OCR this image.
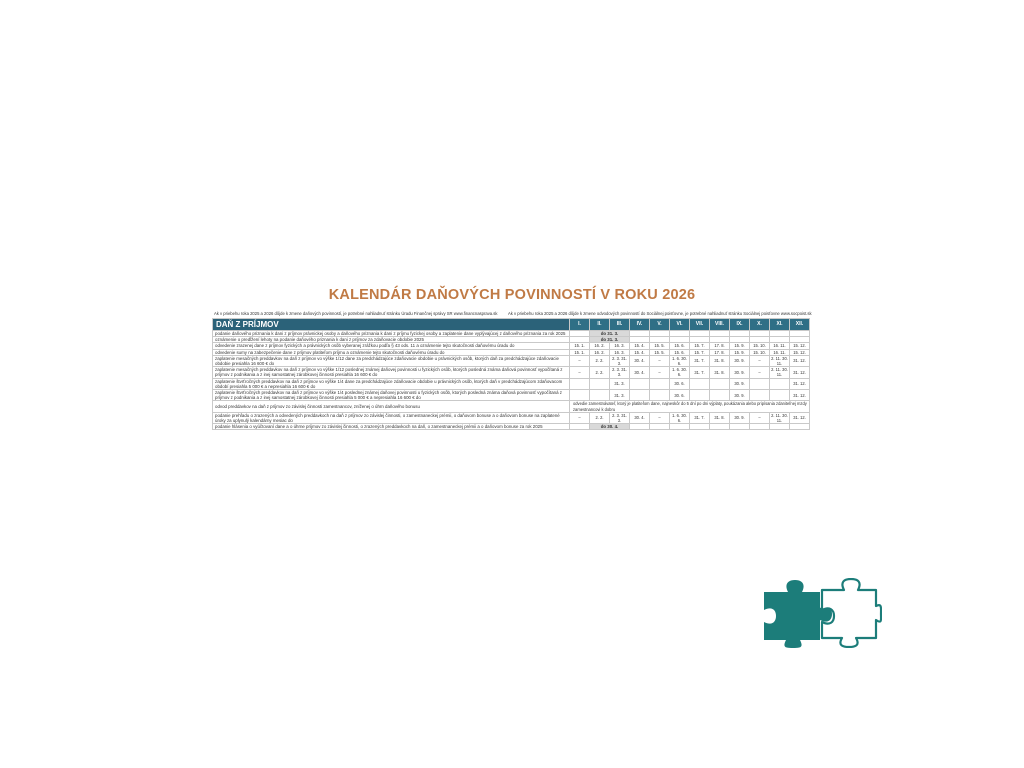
KALENDÁR DAŇOVÝCH POVINNOSTÍ V ROKU 2026
Ak v priebehu roka 2025 a 2026 dôjde k zmene daňových povinností, je potrebné nahliadnuť stránku Úradu Finančnej správy SR www.financnasprava.sk	Ak v priebehu roka 2025 a 2026 dôjde k zmene odvodových povinností do Sociálnej poisťovne, je potrebné nahliadnuť stránku Sociálnej poisťovne www.socpoist.sk
DAŇ Z PRÍJMOV	I.	II.	III.	IV.	V.	VI.	VII.	VIII.	IX.	X.	XI.	XII.
podanie daňového priznania k dani z príjmov právnickej osoby a daňového priznania k dani z príjmu fyzickej osoby a zaplatenie dane vyplývajúcej z daňového priznania za rok 2025		do 31. 3.										
oznámenie o predĺžení lehoty na podanie daňového priznania k dani z príjmov za zdaňovacie obdobie 2025		do 31. 3.										
odvedenie zrazenej dane z príjmov fyzických a právnických osôb vyberanej zrážkou podľa § 43 ods. 11 a oznámenie tejto skutočnosti daňovému úradu do	15. 1.	16. 2.	16. 3.	15. 4.	15. 5.	15. 6.	15. 7.	17. 8.	15. 9.	15. 10.	16. 11.	15. 12.
odvedenie sumy na zabezpečenie dane z príjmov platiteľom príjmu a oznámenie tejto skutočnosti daňovému úradu do	15. 1.	16. 2.	16. 3.	15. 4.	15. 5.	15. 6.	15. 7.	17. 8.	15. 9.	15. 10.	16. 11.	15. 12.
zaplatenie mesačných preddavkov na daň z príjmov vo výške 1/12 dane za predchádzajúce zdaňovacie obdobie u právnických osôb, ktorých daň za predchádzajúce zdaňovacie obdobie presiahla 16 600 € do	–	2. 2.	2. 3. 31. 3.	30. 4.	–	1. 6. 30. 6.	31. 7.	31. 8.	30. 9.	–	2. 11. 30. 11.	31. 12.
zaplatenie mesačných preddavkov na daň z príjmov vo výške 1/12 poslednej známej daňovej povinnosti u fyzických osôb, ktorých posledná známa daňová povinnosť vypočítaná z príjmov z podnikania a z inej samostatnej zárobkovej činnosti presiahla 16 600 € do	–	2. 2.	2. 3. 31. 3.	30. 4.	–	1. 6. 30. 6.	31. 7.	31. 8.	30. 9.	–	2. 11. 30. 11.	31. 12.
zaplatenie štvrťročných preddavkov na daň z príjmov vo výške 1/4 dane za predchádzajúce zdaňovacie obdobie u právnických osôb, ktorých daň v predchádzajúcom zdaňovacom období presiahla 5 000 € a nepresiahla 16 600 € do			31. 3.			30. 6.			30. 9.			31. 12.
zaplatenie štvrťročných preddavkov na daň z príjmov vo výške 1/4 poslednej známej daňovej povinnosti u fyzických osôb, ktorých posledná známa daňová povinnosť vypočítaná z príjmov z podnikania a z inej samostatnej zárobkovej činnosti presiahla 5 000 € a nepresiahla 16 600 € do			31. 3.			30. 6.			30. 9.			31. 12.
odvod preddavkov na daň z príjmov zo závislej činnosti zamestnancov, zníženej o úhrn daňového bonusu	odvedie zamestnávateľ, ktorý je platiteľom dane, najneskôr do 5 dní po dni výplaty, poukázania alebo pripísania zdaniteľnej mzdy zamestnancovi k dobru											
podanie prehľadu o zrazených a odvedených preddavkoch na daň z príjmov zo závislej činnosti, o zamestnaneckej prémii, o daňovom bonuse a o daňovom bonuse na zaplatené úroky za uplynulý kalendárny mesiac do	–	2. 2.	2. 3. 31. 3.	30. 4.	–	1. 6. 30. 6.	31. 7.	31. 8.	30. 9.	–	2. 11. 30. 11.	31. 12.
podanie hlásenia o vyúčtovaní dane a o úhrne príjmov zo závislej činnosti, o zrazených preddavkoch na daň, o zamestnaneckej prémii a o daňovom bonuse za rok 2025		do 30. 4.										
